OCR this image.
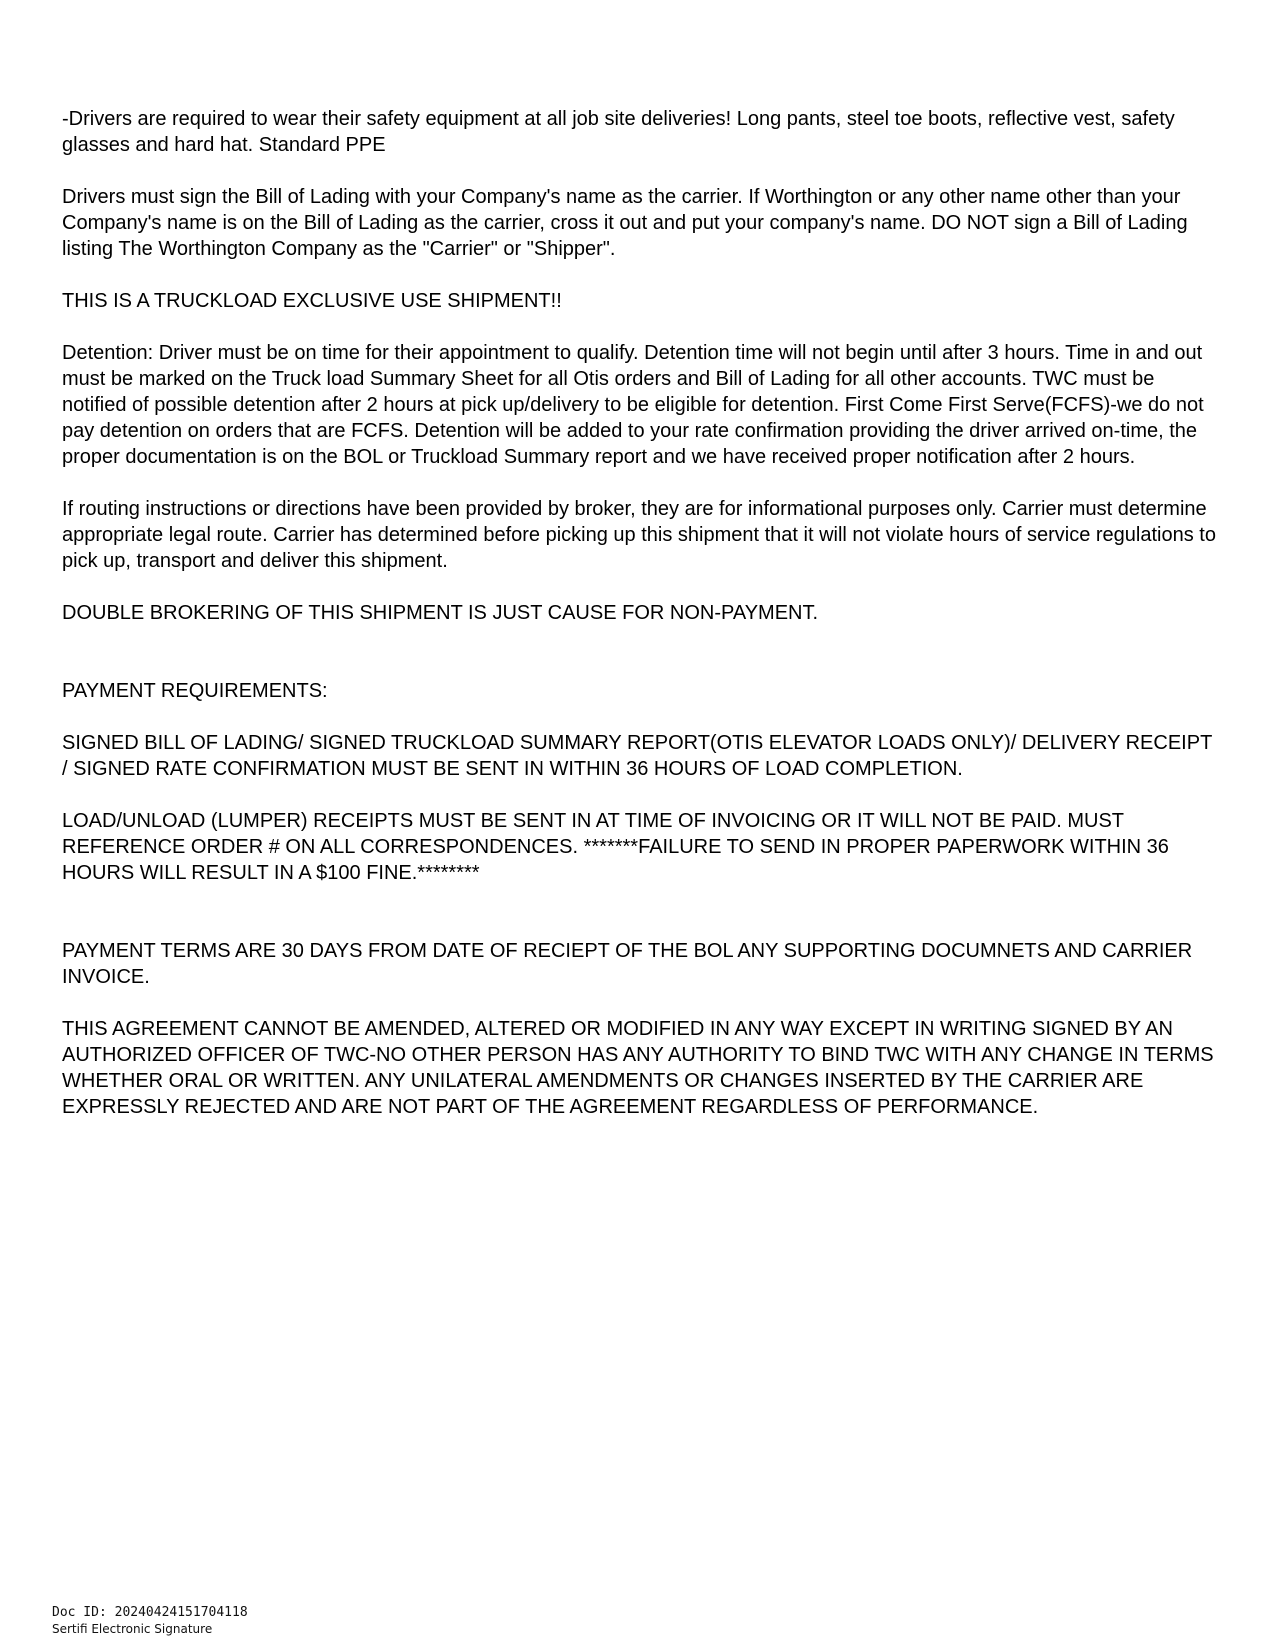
-Drivers are required to wear their safety equipment at all job site deliveries! Long pants, steel toe boots, reflective vest, safety glasses and hard hat. Standard PPE

Drivers must sign the Bill of Lading with your Company's name as the carrier. If Worthington or any other name other than your Company's name is on the Bill of Lading as the carrier, cross it out and put your company's name. DO NOT sign a Bill of Lading listing The Worthington Company as the "Carrier" or "Shipper".

THIS IS A TRUCKLOAD EXCLUSIVE USE SHIPMENT!!

Detention: Driver must be on time for their appointment to qualify. Detention time will not begin until after 3 hours. Time in and out must be marked on the Truck load Summary Sheet for all Otis orders and Bill of Lading for all other accounts. TWC must be notified of possible detention after 2 hours at pick up/delivery to be eligible for detention. First Come First Serve(FCFS)-we do not pay detention on orders that are FCFS. Detention will be added to your rate confirmation providing the driver arrived on-time, the proper documentation is on the BOL or Truckload Summary report and we have received proper notification after 2 hours.

If routing instructions or directions have been provided by broker, they are for informational purposes only. Carrier must determine appropriate legal route. Carrier has determined before picking up this shipment that it will not violate hours of service regulations to pick up, transport and deliver this shipment.

DOUBLE BROKERING OF THIS SHIPMENT IS JUST CAUSE FOR NON-PAYMENT.

PAYMENT REQUIREMENTS:

SIGNED BILL OF LADING/ SIGNED TRUCKLOAD SUMMARY REPORT(OTIS ELEVATOR LOADS ONLY)/ DELIVERY RECEIPT / SIGNED RATE CONFIRMATION MUST BE SENT IN WITHIN 36 HOURS OF LOAD COMPLETION.

LOAD/UNLOAD (LUMPER) RECEIPTS MUST BE SENT IN AT TIME OF INVOICING OR IT WILL NOT BE PAID. MUST REFERENCE ORDER # ON ALL CORRESPONDENCES. *******FAILURE TO SEND IN PROPER PAPERWORK WITHIN 36 HOURS WILL RESULT IN A $100 FINE.********

PAYMENT TERMS ARE 30 DAYS FROM DATE OF RECIEPT OF THE BOL ANY SUPPORTING DOCUMNETS AND CARRIER INVOICE.

THIS AGREEMENT CANNOT BE AMENDED, ALTERED OR MODIFIED IN ANY WAY EXCEPT IN WRITING SIGNED BY AN AUTHORIZED OFFICER OF TWC-NO OTHER PERSON HAS ANY AUTHORITY TO BIND TWC WITH ANY CHANGE IN TERMS WHETHER ORAL OR WRITTEN. ANY UNILATERAL AMENDMENTS OR CHANGES INSERTED BY THE CARRIER ARE EXPRESSLY REJECTED AND ARE NOT PART OF THE AGREEMENT REGARDLESS OF PERFORMANCE.

Doc ID: 20240424151704118
Sertifi Electronic Signature
